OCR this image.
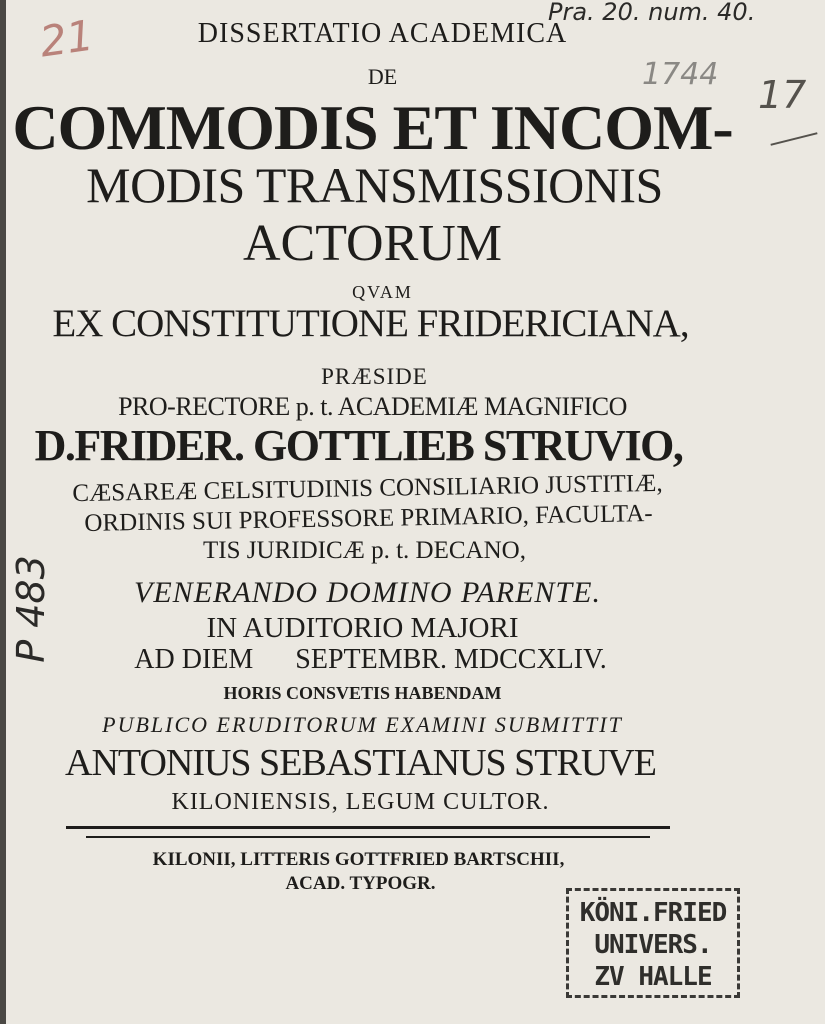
Pra. 20. num. 40.
21
1744 17
P 483
DISSERTATIO ACADEMICA
DE
COMMODIS ET INCOM-
MODIS TRANSMISSIONIS
ACTORUM
QVAM
EX CONSTITUTIONE FRIDERICIANA,
PRÆSIDE
PRO-RECTORE p. t. ACADEMIÆ MAGNIFICO
D.FRIDER. GOTTLIEB STRUVIO,
CÆSAREÆ CELSITUDINIS CONSILIARIO JUSTITIÆ,
ORDINIS SUI PROFESSORE PRIMARIO, FACULTA-
TIS JURIDICÆ p. t. DECANO,
VENERANDO DOMINO PARENTE.
IN AUDITORIO MAJORI
AD DIEM      SEPTEMBR. MDCCXLIV.
HORIS CONSVETIS HABENDAM
PUBLICO ERUDITORUM EXAMINI SUBMITTIT
ANTONIUS SEBASTIANUS STRUVE
KILONIENSIS, LEGUM CULTOR.
KILONII, LITTERIS GOTTFRIED BARTSCHII,
ACAD. TYPOGR.
KÖNI.FRIED
UNIVERS.
ZV HALLE
